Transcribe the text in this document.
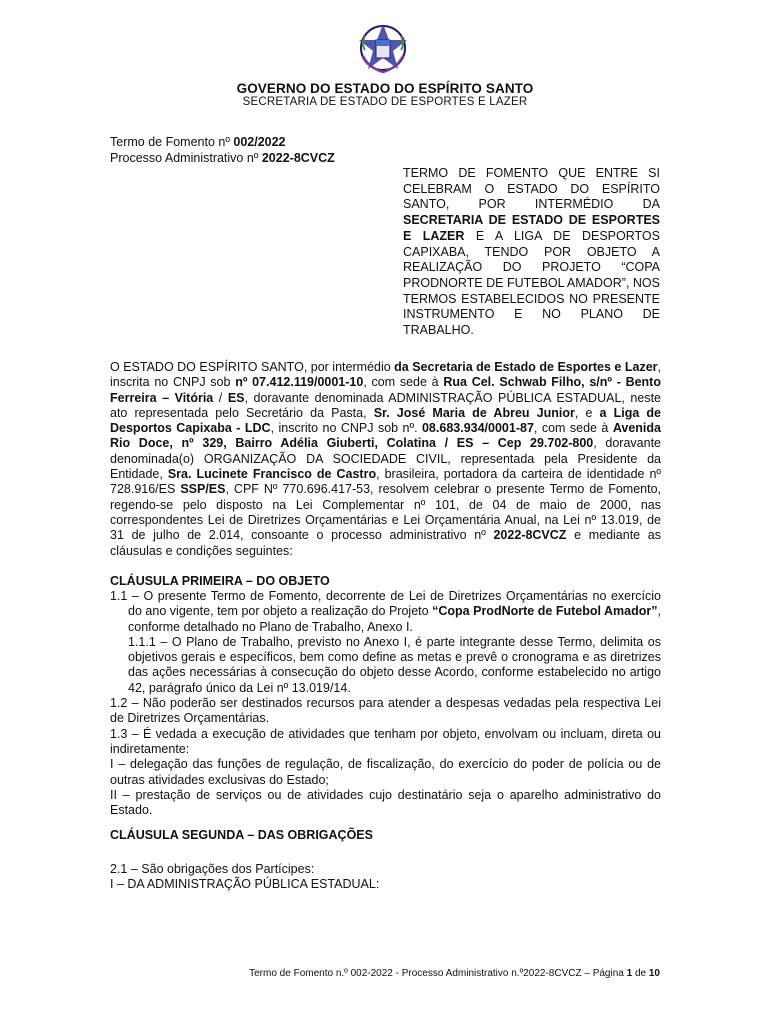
GOVERNO DO ESTADO DO ESPÍRITO SANTO
SECRETARIA DE ESTADO DE ESPORTES E LAZER
Termo de Fomento nº 002/2022
Processo Administrativo nº 2022-8CVCZ
TERMO DE FOMENTO QUE ENTRE SI CELEBRAM O ESTADO DO ESPÍRITO SANTO, POR INTERMÉDIO DA SECRETARIA DE ESTADO DE ESPORTES E LAZER E A LIGA DE DESPORTOS CAPIXABA, TENDO POR OBJETO A REALIZAÇÃO DO PROJETO “COPA PRODNORTE DE FUTEBOL AMADOR”, NOS TERMOS ESTABELECIDOS NO PRESENTE INSTRUMENTO E NO PLANO DE TRABALHO.
O ESTADO DO ESPÍRITO SANTO, por intermédio da Secretaria de Estado de Esportes e Lazer, inscrita no CNPJ sob nº 07.412.119/0001-10, com sede à Rua Cel. Schwab Filho, s/nº - Bento Ferreira – Vitória / ES, doravante denominada ADMINISTRAÇÃO PÚBLICA ESTADUAL, neste ato representada pelo Secretário da Pasta, Sr. José Maria de Abreu Junior, e a Liga de Desportos Capixaba - LDC, inscrito no CNPJ sob nº. 08.683.934/0001-87, com sede à Avenida Rio Doce, nº 329, Bairro Adélia Giuberti, Colatina / ES – Cep 29.702-800, doravante denominada(o) ORGANIZAÇÃO DA SOCIEDADE CIVIL, representada pela Presidente da Entidade, Sra. Lucinete Francisco de Castro, brasileira, portadora da carteira de identidade nº 728.916/ES SSP/ES, CPF Nº 770.696.417-53, resolvem celebrar o presente Termo de Fomento, regendo-se pelo disposto na Lei Complementar nº 101, de 04 de maio de 2000, nas correspondentes Lei de Diretrizes Orçamentárias e Lei Orçamentária Anual, na Lei nº 13.019, de 31 de julho de 2.014, consoante o processo administrativo nº 2022-8CVCZ e mediante as cláusulas e condições seguintes:
CLÁUSULA PRIMEIRA – DO OBJETO

1.1 – O presente Termo de Fomento, decorrente de Lei de Diretrizes Orçamentárias no exercício do ano vigente, tem por objeto a realização do Projeto “Copa ProdNorte de Futebol Amador”, conforme detalhado no Plano de Trabalho, Anexo I.

1.1.1 – O Plano de Trabalho, previsto no Anexo I, é parte integrante desse Termo, delimita os objetivos gerais e específicos, bem como define as metas e prevê o cronograma e as diretrizes das ações necessárias à consecução do objeto desse Acordo, conforme estabelecido no artigo 42, parágrafo único da Lei nº 13.019/14.

1.2 – Não poderão ser destinados recursos para atender a despesas vedadas pela respectiva Lei de Diretrizes Orçamentárias.

1.3 – É vedada a execução de atividades que tenham por objeto, envolvam ou incluam, direta ou indiretamente:

I – delegação das funções de regulação, de fiscalização, do exercício do poder de polícia ou de outras atividades exclusivas do Estado;

II – prestação de serviços ou de atividades cujo destinatário seja o aparelho administrativo do Estado.

CLÁUSULA SEGUNDA – DAS OBRIGAÇÕES

2.1 – São obrigações dos Partícipes:

I – DA ADMINISTRAÇÃO PÚBLICA ESTADUAL:

Termo de Fomento n.º 002-2022 - Processo Administrativo n.º2022-8CVCZ – Página 1 de 10
